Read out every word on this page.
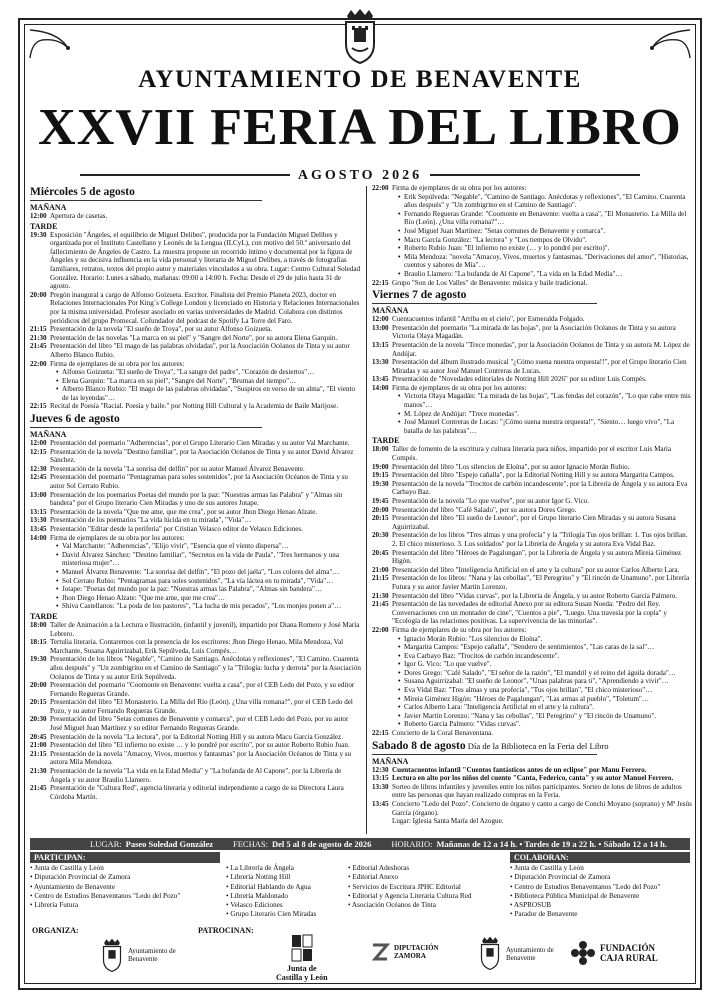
AYUNTAMIENTO DE BENAVENTE
XXVII FERIA DEL LIBRO
AGOSTO 2026
Miércoles 5 de agosto
MAÑANA
12:00 Apertura de casetas.
TARDE
19:30 Exposición "Ángeles, el equilibrio de Miguel Delibes", producida por la Fundación Miguel Delibes y organizada por el Instituto Castellano y Leonés de la Lengua (ILCyL), con motivo del 50.º aniversario del fallecimiento de Ángeles de Castro. La muestra propone un recorrido íntimo y documental por la figura de Ángeles y su decisiva influencia en la vida personal y literaria de Miguel Delibes, a través de fotografías familiares, retratos, textos del propio autor y materiales vinculados a su obra. Lugar: Centro Cultural Soledad González. Horario: Lunes a sábado, mañanas: 09:00 a 14:00 h. Fecha: Desde el 29 de julio hasta 31 de agosto.
20:00 Pregón inaugural a cargo de Alfonso Goizueta. Escritor. Finalista del Premio Planeta 2023, doctor en Relaciones Internacionales Por King´s College London y licenciado en Historia y Relaciones Internacionales por la misma universidad. Profesor asociado en varias universidades de Madrid. Colabora con distintos periódicos del grupo Promecal. Cofundador del podcast de Spotify La Torre del Faro.
21:15 Presentación de la novela "El sueño de Troya", por su autor Alfonso Goizueta.
21:30 Presentación de las novelas "La marca en su piel" y "Sangre del Norte", por su autora Elena Garquin.
21:45 Presentación del libro "El mago de las palabras olvidadas", por la Asociación Océanos de Tinta y su autor Alberto Blanco Rubio.
22:00 Firma de ejemplares de su obra por los autores:
• Alfonso Goizueta: "El sueño de Troya", "La sangre del padre", "Corazón de desiertos"…
• Elena Garquin: "La marca en su piel", "Sangre del Norte", "Brumas del tiempo"…
• Alberto Blanco Rubio: "El mago de las palabras olvidadas", "Suspiros en verso de un alma", "El viento de las leyendas"…
22:15 Recital de Poesía "Racial. Poesía y baile." por Notting Hill Cultural y la Academia de Baile Marijose.
Jueves 6 de agosto
MAÑANA
12:00 Presentación del poemario "Adherencias", por el Grupo Literario Cien Miradas y su autor Val Marchante.
12:15 Presentación de la novela "Destino familiar", por la Asociación Océanos de Tinta y su autor David Álvarez Sánchez.
12:30 Presentación de la novela "La sonrisa del delfín" por su autor Manuel Álvarez Benavente.
12:45 Presentación del poemario "Pentagramas para soles sostenidos", por la Asociación Océanos de Tinta y su autor Sol Cerrato Rubio.
13:00 Presentación de los poemarios Poetas del mundo por la paz: "Nuestras armas las Palabra" y "Almas sin bandera" por el Grupo literario Cien Miradas y uno de sus autores Jotape.
13:15 Presentación de la novela "Que me ame, que me crea", por su autor Jhon Diego Henao Alzate.
13:30 Presentación de los poemarios "La vida lúcida en tu mirada", "Vida"…
13:45 Presentación "Editar desde la periferia" por Cristian Velasco editor de Velasco Ediciones.
14:00 Firma de ejemplares de su obra por los autores:
• Val Marchante: "Adherencias", "Elijo vivir", "Esencia que el viento dispersa"…
• David Álvarez Sánchez: "Destino familiar", "Secretos en la vida de Paula", "Tres hermanos y una misteriosa mujer"…
• Manuel Álvarez Benavente: "La sonrisa del delfín", "El pozo del jaéla", "Los colores del alma"…
• Sol Cerrato Rubio: "Pentagramas para soles sostenidos", "La vía láctea en tu mirada", "Vida"…
• Jotape: "Poetas del mundo por la paz: "Nuestras armas las Palabra", "Almas sin bandera"…
• Jhon Diego Henao Alzate: "Que me ame, que me crea"…
• Shiva Castellanos: "La poda de los pastores", "La lucha de mis pecados", "Los monjes ponen a"…
TARDE
18:00 Taller de Animación a la Lectura e Ilustración, (infantil y juvenil), impartido por Diana Romero y José María Lebrero.
18:15 Tertulia literaria. Contaremos con la presencia de los escritores: Jhon Diego Henao, Mila Mendoza, Val Marchante, Susana Aguirrizabal, Erik Sepúlveda, Luis Compés…
19:30 Presentación de los libros "Negable", "Camino de Santiago. Anécdotas y reflexiones", "El Camino. Cuarenta años después" y "Un zombigrino en el Camino de Santiago" y la "Trilogía: lucha y derrota" por la Asociación Océanos de Tinta y su autor Erik Sepúlveda.
20:00 Presentación del poemario "Coomonte en Benavente: vuelta a casa", por el CEB Ledo del Pozo, y su editor Fernando Regueras Grande.
20:15 Presentación del libro "El Monasterio. La Milla del Río (León). ¿Una villa romana?", por el CEB Ledo del Pozo, y su autor Fernando Regueras Grande.
20:30 Presentación del libro "Setas comunes de Benavente y comarca", por el CEB Ledo del Pozo, por su autor José Miguel Juan Martínez y su editor Fernando Regueras Grande.
20:45 Presentación de la novela "La lectora", por la Editorial Notting Hill y su autora Macu García González.
21:00 Presentación del libro "El infierno no existe … y lo pondré por escrito", por su autor Roberto Rubio Juan.
21:15 Presentación de la novela "Amacoy, Vivos, muertos y fantasmas" por la Asociación Océanos de Tinta y su autora Mila Mendoza.
21:30 Presentación de la novela "La vida en la Edad Media" y "La bufanda de Al Capone", por la Librería de Ángela y su autor Braulio Llamero.
21:45 Presentación de "Cultura Red", agencia literaria y editorial independiente a cargo de su Directora Laura Córdoba Martín.
22:00 Firma de ejemplares de su obra por los autores:
• Erik Sepúlveda: "Negable", "Camino de Santiago. Anécdotas y reflexiones", "El Camino. Cuarenta años después" y "Un zombigrino en el Camino de Santiago".
• Fernando Regueras Grande: "Coomonte en Benavente: vuelta a casa", "El Monasterio. La Milla del Río (León). ¿Una villa romana?"…
• José Miguel Juan Martínez: "Setas comunes de Benavente y comarca".
• Macu García González: "La lectora" y "Los tiempos de Olvido".
• Roberto Rubio Juan: "El infierno no existe (… y lo pondré por escrito)".
• Mila Mendoza: "novela "Amacoy, Vivos, muertos y fantasmas, "Derivaciones del amor", "Historias, cuentos y sabores de Mía"…
• Braulio Llamero: "La bufanda de Al Capone", "La vida en la Edad Media"…
22:15 Grupo "Son de Los Valles" de Benavente: música y baile tradicional.
Viernes 7 de agosto
MAÑANA
12:00 Cuentacuentos infantil "Arriba en el cielo", por Esmeralda Folgado.
13:00 Presentación del poemario "La mirada de las hojas", por la Asociación Océanos de Tinta y su autora Victoria Olaya Magadán.
13:15 Presentación de la novela "Trece monedas", por la Asociación Océanos de Tinta y su autora M. López de Andújar.
13:30 Presentación del álbum ilustrado musical "¿Cómo suena nuestra orquesta!!", por el Grupo literario Cien Miradas y su autor José Manuel Contreras de Lucas.
13:45 Presentación de "Novedades editoriales de Notting Hill 2026" por su editor Luis Compés.
14:00 Firma de ejemplares de su obra por los autores:
• Victoria Olaya Magadán: "La mirada de las hojas", "Las fendas del corazón", "Lo que cabe entre mis manos"…
• M. López de Andújar: "Trece monedas".
• José Manuel Contreras de Lucas: "¡Cómo suena nuestra orquesta!", "Siento… luego vivo", "La batalla de las palabras"…
TARDE
18:00 Taller de fomento de la escritura y cultura literaria para niños, impartido por el escritor Luis María Compés.
19:00 Presentación del libro "Los silencios de Eloína", por su autor Ignacio Morán Rubio.
19:15 Presentación del libro "Espejo cañalla", por la Editorial Notting Hill y su autora Margarita Campos.
19:30 Presentación de la novela "Trocitos de carbón incandescente", por la Librería de Ángela y su autora Eva Carbayo Baz.
19:45 Presentación de la novela "Lo que vuelve", por su autor Igor G. Vico.
20:00 Presentación del libro "Café Salado", por su autora Dores Grego.
20:15 Presentación del libro "El sueño de Leonor", por el Grupo literario Cien Miradas y su autora Susana Aguirrizabal.
20:30 Presentación de los libros "Tres almas y una profecía" y la "Trilogía Tus ojos brillan: 1. Tus ojos brillan. 2. El chico misterioso. 3. Los soldados" por la Librería de Ángela y su autora Eva Vidal Baz.
20:45 Presentación del libro "Héroes de Pagalungan", por la Librería de Ángela y su autora Mireia Giménez Higón.
21:00 Presentación del libro "Inteligencia Artificial en el arte y la cultura" por su autor Carlos Alberto Lara.
21:15 Presentación de los libros: "Nana y las cebollas", "El Peregrino" y "El rincón de Unamuno", por Librería Futura y su autor Javier Martín Lorenzo.
21:30 Presentación del libro "Vidas curvas", por la Librería de Ángela, y su autor Roberto García Palmero.
21:45 Presentación de las novedades de editorial Anexo por su editora Susan Noeda: "Pedro del Rey. Conversaciones con un montador de cine", "Cuentos a pie", "Luego. Una travesía por la copla" y "Ecología de las relaciones positivas. La supervivencia de las minorías".
22:00 Firma de ejemplares de su obra por los autores:
• Ignacio Morán Rubio: "Los silencios de Eloína".
• Margarita Campos: "Espejo cañalla", "Sendero de sentimientos", "Las caras de la sal"…
• Eva Carbayo Baz: "Trocitos de carbón incandescente".
• Igor G. Vico: "Lo que vuelve".
• Dores Grego: "Café Salado", "El señor de la razón", "El mandril y el reino del águila dorada"…
• Susana Aguirrizabal: "El sueño de Leonor", "Unas palabras para ti", "Aprendiendo a vivir"…
• Eva Vidal Baz: "Tres almas y una profecía", "Tus ojos brillan", "El chico misterioso"…
• Mireia Giménez Higón: "Héroes de Pagalungan", "Las armas al pueblo", "Toletum"…
• Carlos Alberto Lara: "Inteligencia Artificial en el arte y la cultura".
• Javier Martín Lorenzo: "Nana y las cebollas", "El Peregrino" y "El rincón de Unamuno".
• Roberto García Palmero: "Vidas curvas".
22:15 Concierto de la Coral Benaventana.
Sabado 8 de agosto Día de la Biblioteca en la Feria del Libro
MAÑANA
12:30 Cuentacuentos infantil "Cuentos fantásticos antes de un eclipse" por Manu Ferrero.
13:15 Lectura en alto por los niños del cuento "Canta, Federico, canta" y su autor Manuel Ferrero.
13:30 Sorteo de libros infantiles y juveniles entre los niños participantes. Sorteo de lotes de libros de adultos entre las personas que hayan realizado compras en la Feria.
13:45 Concierto "Ledo del Pozo". Concierto de órgano y canto a cargo de Conchi Moyano (soprano) y Mª Jesús García (órgano).
Lugar: Iglesia Santa María del Azogue.
LUGAR: Paseo Soledad González FECHAS: Del 5 al 8 de agosto de 2026 HORARIO: Mañanas de 12 a 14 h. • Tardes de 19 a 22 h. • Sábado 12 a 14 h.
PARTICIPAN:
• Junta de Castilla y León
• Diputación Provincial de Zamora
• Ayuntamiento de Benavente
• Centro de Estudios Benaventanos "Ledo del Pozo"
• Librería Futura
• La Librería de Ángela
• Librería Notting Hill
• Editorial Hablando de Agua
• Librería Maldonado
• Velasco Ediciones
• Grupo Literario Cien Miradas
• Editorial Adeshoras
• Editorial Anexo
• Servicios de Escritura JPHC Editorial
• Editorial y Agencia Literaria Cultura Red
• Asociación Océanos de Tinta
COLABORAN:
• Junta de Castilla y León
• Diputación Provincial de Zamora
• Centro de Estudios Benaventanos "Ledo del Pozo"
• Biblioteca Pública Municipal de Benavente
• ASPROSUB
• Parador de Benavente
ORGANIZA:	PATROCINAN:
Ayuntamiento de
Benavente
Junta de
Castilla y León
DIPUTACIÓN
ZAMORA
Ayuntamiento de
Benavente
FUNDACIÓN
CAJA RURAL
